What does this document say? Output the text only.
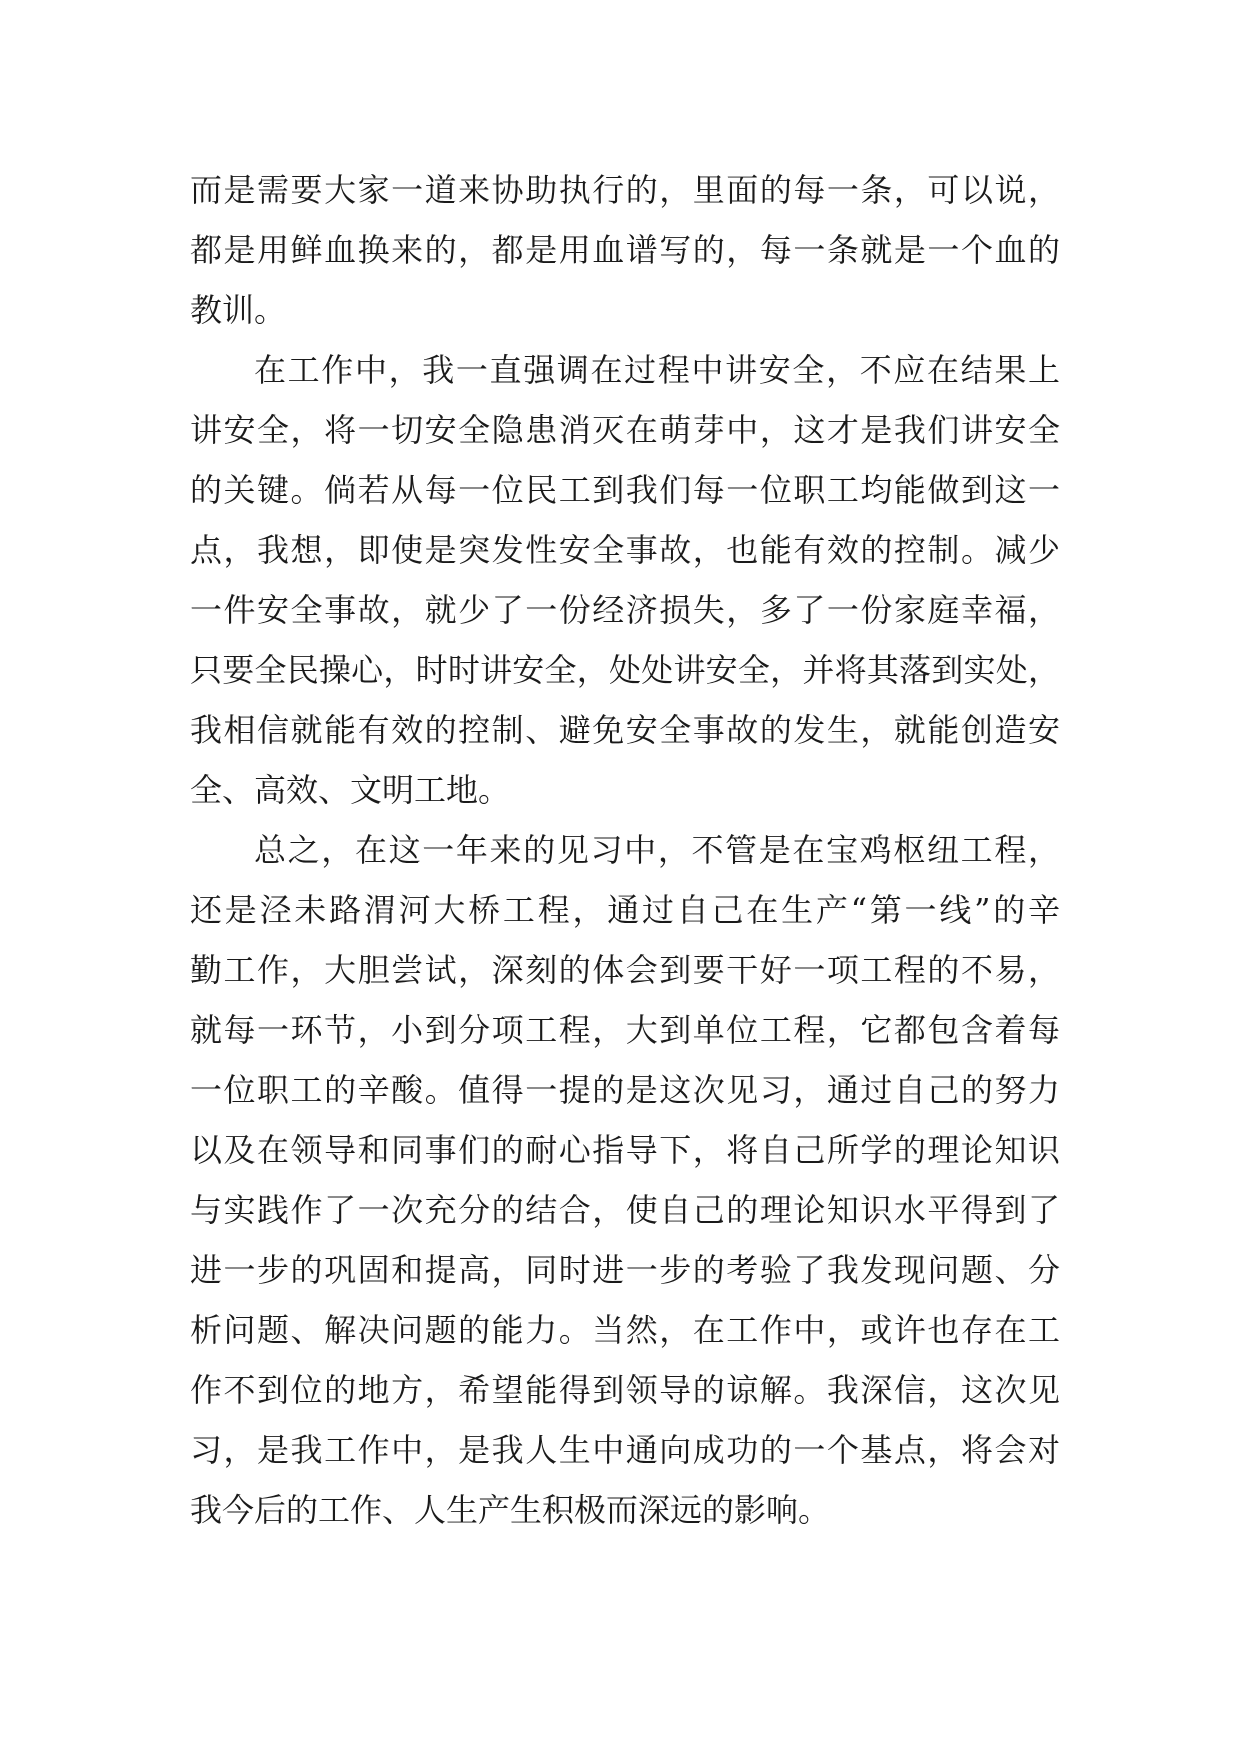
而是需要大家一道来协助执行的，里面的每一条，可以说，
都是用鲜血换来的，都是用血谱写的，每一条就是一个血的
教训。
在工作中，我一直强调在过程中讲安全，不应在结果上
讲安全，将一切安全隐患消灭在萌芽中，这才是我们讲安全
的关键。倘若从每一位民工到我们每一位职工均能做到这一
点，我想，即使是突发性安全事故，也能有效的控制。减少
一件安全事故，就少了一份经济损失，多了一份家庭幸福，
只要全民操心，时时讲安全，处处讲安全，并将其落到实处，
我相信就能有效的控制、避免安全事故的发生，就能创造安
全、高效、文明工地。
总之，在这一年来的见习中，不管是在宝鸡枢纽工程，
还是泾未路渭河大桥工程，通过自己在生产“第一线”的辛
勤工作，大胆尝试，深刻的体会到要干好一项工程的不易，
就每一环节，小到分项工程，大到单位工程，它都包含着每
一位职工的辛酸。值得一提的是这次见习，通过自己的努力
以及在领导和同事们的耐心指导下，将自己所学的理论知识
与实践作了一次充分的结合，使自己的理论知识水平得到了
进一步的巩固和提高，同时进一步的考验了我发现问题、分
析问题、解决问题的能力。当然，在工作中，或许也存在工
作不到位的地方，希望能得到领导的谅解。我深信，这次见
习，是我工作中，是我人生中通向成功的一个基点，将会对
我今后的工作、人生产生积极而深远的影响。
